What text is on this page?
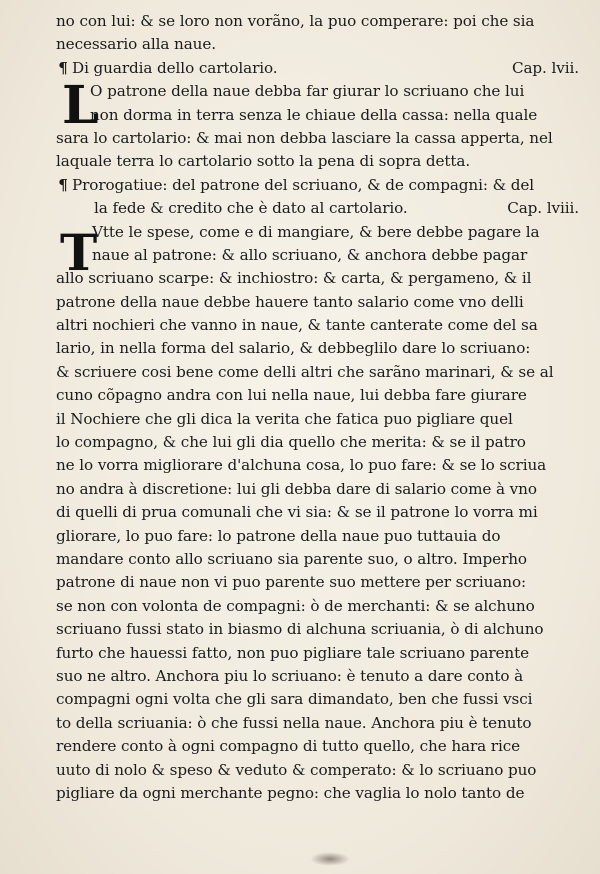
no con lui: & se loro non vorãno, la puo comperare: poi che sia
necessario alla naue.
¶ Di guardia dello cartolario.	Cap. lvii.
O patrone della naue debba far giurar lo scriuano che lui
non dorma in terra senza le chiaue della cassa: nella quale
sara lo cartolario: & mai non debba lasciare la cassa apperta, nel
laquale terra lo cartolario sotto la pena di sopra detta.
¶ Prorogatiue: del patrone del scriuano, & de compagni: & del
la fede & credito che è dato al cartolario.	Cap. lviii.
Vtte le spese, come e di mangiare, & bere debbe pagare la
naue al patrone: & allo scriuano, & anchora debbe pagar
allo scriuano scarpe: & inchiostro: & carta, & pergameno, & il
patrone della naue debbe hauere tanto salario come vno delli
altri nochieri che vanno in naue, & tante canterate come del sa
lario, in nella forma del salario, & debbeglilo dare lo scriuano:
& scriuere cosi bene come delli altri che sarãno marinari, & se al
cuno cõpagno andra con lui nella naue, lui debba fare giurare
il Nochiere che gli dica la verita che fatica puo pigliare quel
lo compagno, & che lui gli dia quello che merita: & se il patro
ne lo vorra migliorare d'alchuna cosa, lo puo fare: & se lo scriua
no andra à discretione: lui gli debba dare di salario come à vno
di quelli di prua comunali che vi sia: & se il patrone lo vorra mi
gliorare, lo puo fare: lo patrone della naue puo tuttauia do
mandare conto allo scriuano sia parente suo, o altro. Imperho
patrone di naue non vi puo parente suo mettere per scriuano:
se non con volonta de compagni: ò de merchanti: & se alchuno
scriuano fussi stato in biasmo di alchuna scriuania, ò di alchuno
furto che hauessi fatto, non puo pigliare tale scriuano parente
suo ne altro. Anchora piu lo scriuano: è tenuto a dare conto à
compagni ogni volta che gli sara dimandato, ben che fussi vsci
to della scriuania: ò che fussi nella naue. Anchora piu è tenuto
rendere conto à ogni compagno di tutto quello, che hara rice
uuto di nolo & speso & veduto & comperato: & lo scriuano puo
pigliare da ogni merchante pegno: che vaglia lo nolo tanto de
L
T
